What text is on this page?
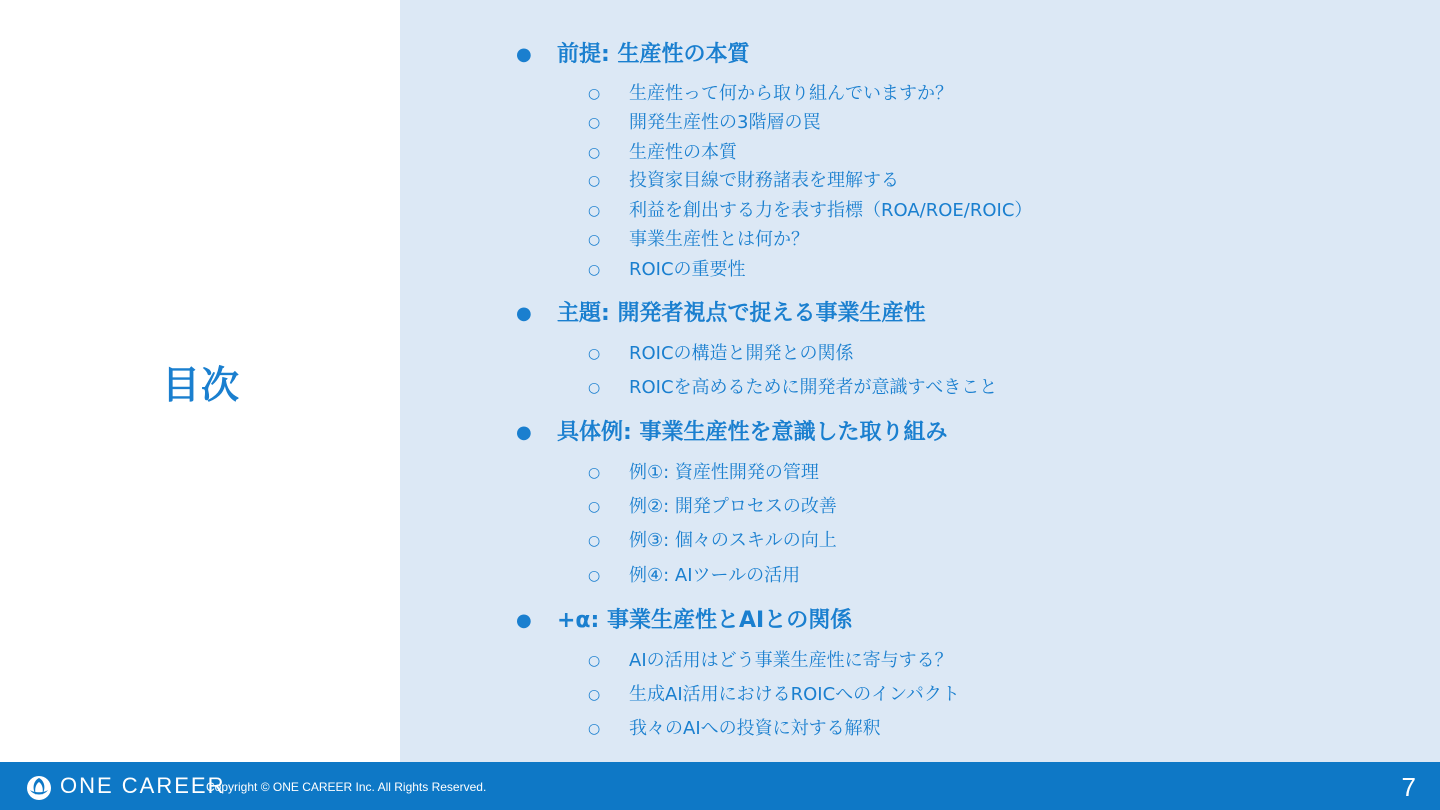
目次
● 前提: 生産性の本質
○ 生産性って何から取り組んでいますか？
○ 開発生産性の3階層の罠
○ 生産性の本質
○ 投資家目線で財務諸表を理解する
○ 利益を創出する力を表す指標（ROA/ROE/ROIC）
○ 事業生産性とは何か？
○ ROICの重要性
● 主題: 開発者視点で捉える事業生産性
○ ROICの構造と開発との関係
○ ROICを高めるために開発者が意識すべきこと
● 具体例: 事業生産性を意識した取り組み
○ 例①: 資産性開発の管理
○ 例②: 開発プロセスの改善
○ 例③: 個々のスキルの向上
○ 例④: AIツールの活用
● +α: 事業生産性とAIとの関係
○ AIの活用はどう事業生産性に寄与する？
○ 生成AI活用におけるROICへのインパクト
○ 我々のAIへの投資に対する解釈
ONE CAREER
Copyright © ONE CAREER Inc. All Rights Reserved.	7
